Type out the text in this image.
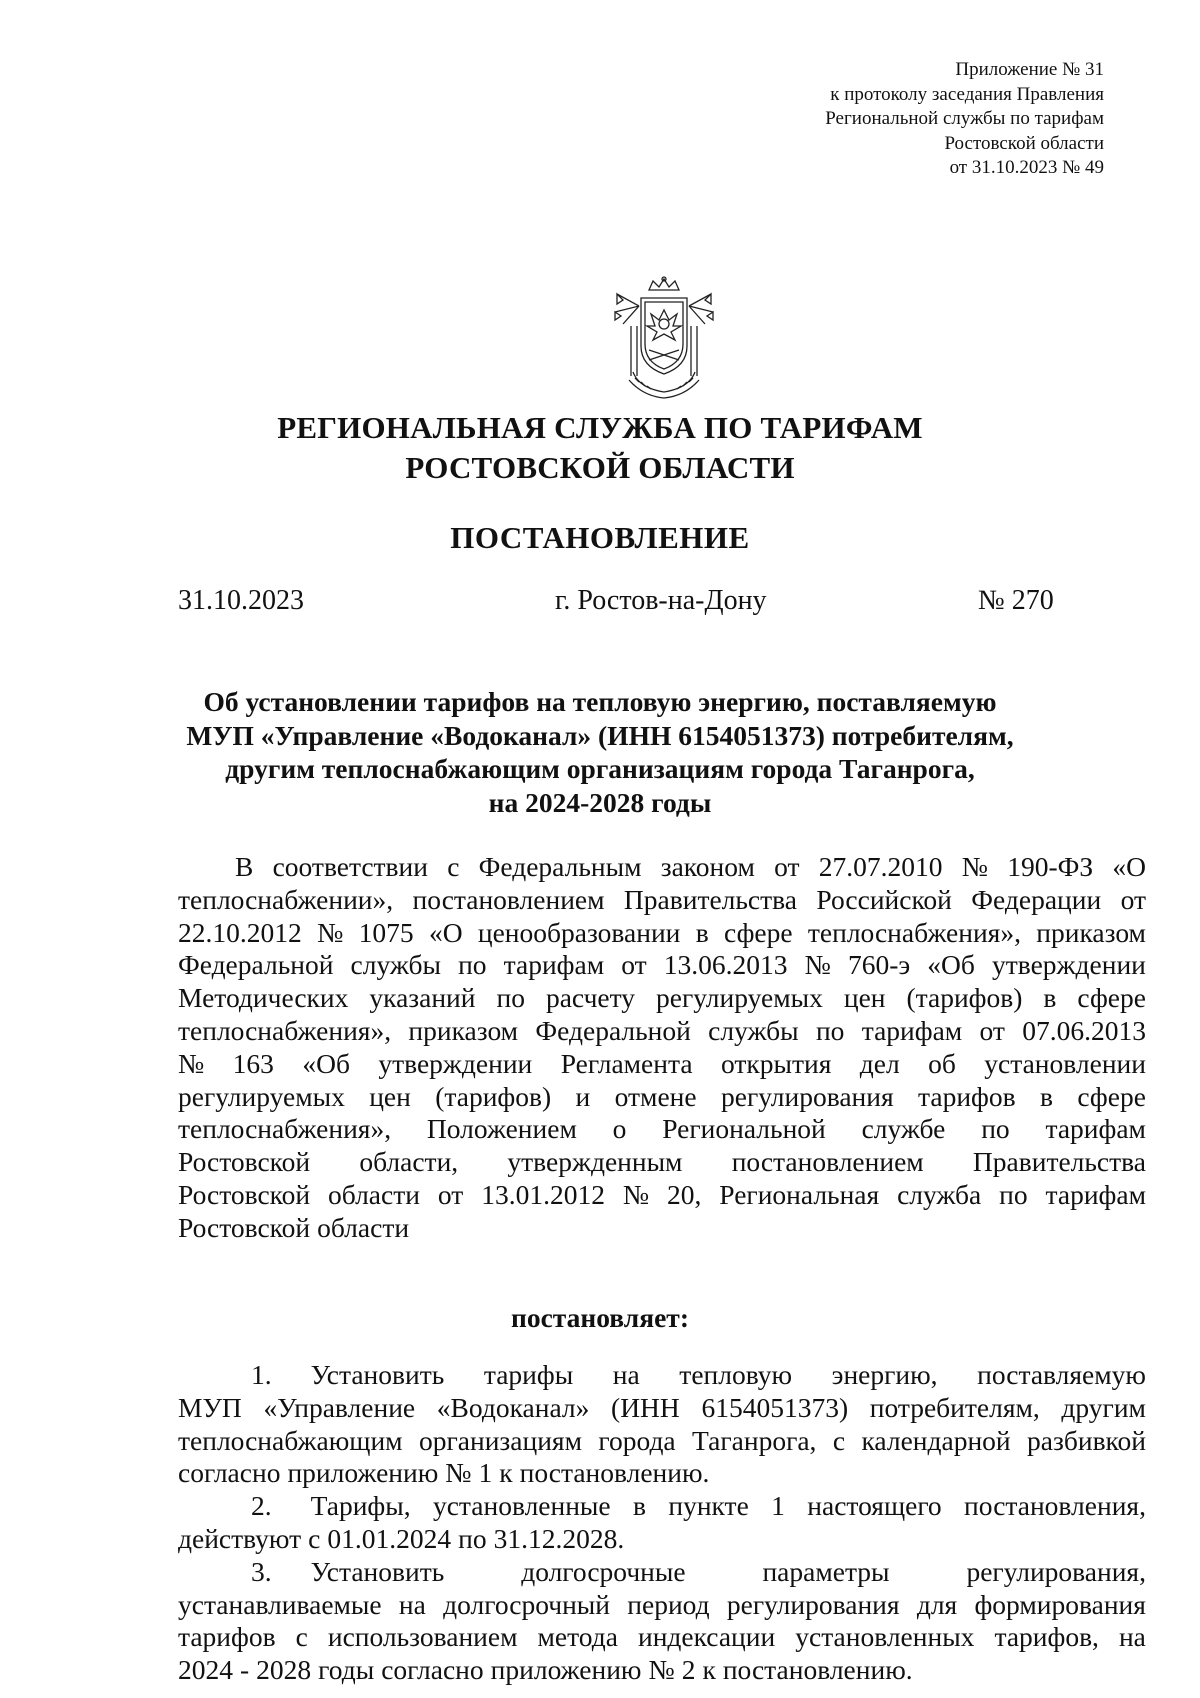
Приложение № 31
к протоколу заседания Правления
Региональной службы по тарифам
Ростовской области
от 31.10.2023 № 49
РЕГИОНАЛЬНАЯ СЛУЖБА ПО ТАРИФАМ
РОСТОВСКОЙ ОБЛАСТИ
ПОСТАНОВЛЕНИЕ
31.10.2023	г. Ростов-на-Дону	№ 270
Об установлении тарифов на тепловую энергию, поставляемую
МУП «Управление «Водоканал» (ИНН 6154051373) потребителям,
другим теплоснабжающим организациям города Таганрога,
на 2024-2028 годы
В соответствии с Федеральным законом от 27.07.2010 № 190-ФЗ «О
теплоснабжении», постановлением Правительства Российской Федерации от
22.10.2012 № 1075 «О ценообразовании в сфере теплоснабжения», приказом
Федеральной службы по тарифам от 13.06.2013 № 760-э «Об утверждении
Методических указаний по расчету регулируемых цен (тарифов) в сфере
теплоснабжения», приказом Федеральной службы по тарифам от 07.06.2013
№ 163 «Об утверждении Регламента открытия дел об установлении
регулируемых цен (тарифов) и отмене регулирования тарифов в сфере
теплоснабжения», Положением о Региональной службе по тарифам
Ростовской области, утвержденным постановлением Правительства
Ростовской области от 13.01.2012 № 20, Региональная служба по тарифам
Ростовской области
постановляет:
1. Установить тарифы на тепловую энергию, поставляемую
МУП «Управление «Водоканал» (ИНН 6154051373) потребителям, другим
теплоснабжающим организациям города Таганрога, с календарной разбивкой
согласно приложению № 1 к постановлению.
2. Тарифы, установленные в пункте 1 настоящего постановления,
действуют с 01.01.2024 по 31.12.2028.
3. Установить	долгосрочные	параметры	регулирования,
устанавливаемые на долгосрочный период регулирования для формирования
тарифов с использованием метода индексации установленных тарифов, на
2024 - 2028 годы согласно приложению № 2 к постановлению.
